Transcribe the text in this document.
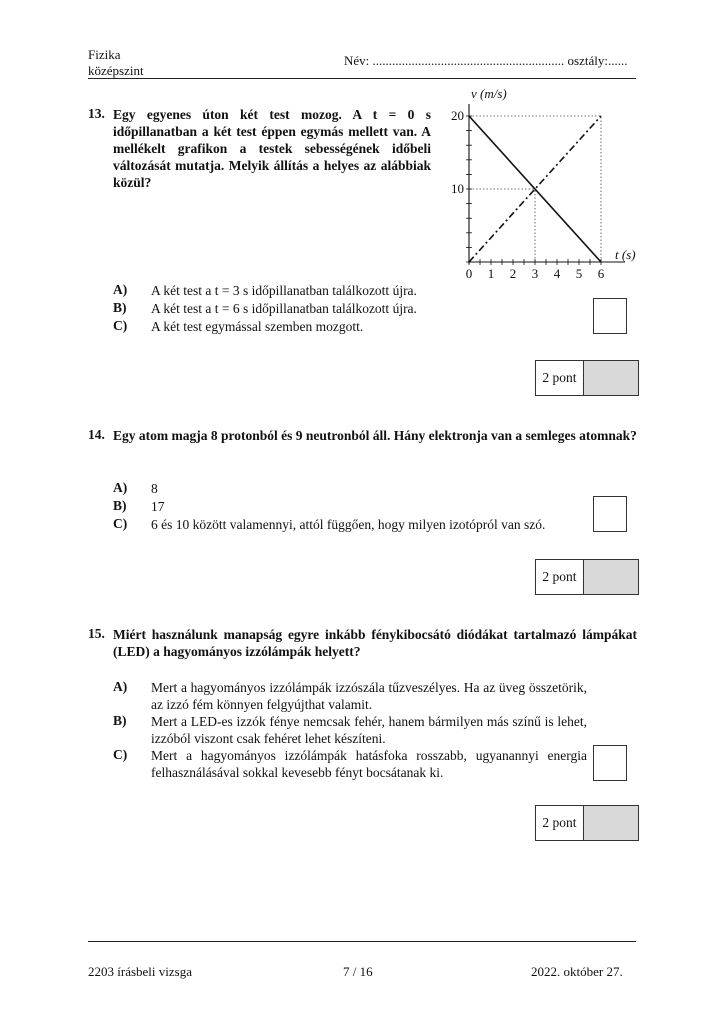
Fizika
középszint
Név: ........................................................... osztály:......
13. Egy egyenes úton két test mozog. A t = 0 s időpillanatban a két test éppen egymás mellett van. A mellékelt grafikon a testek sebességének időbeli változását mutatja. Melyik állítás a helyes az alábbiak közül?
0 1 2 3 4 5 6
10
20
v (m/s)
t (s)
A) A két test a t = 3 s időpillanatban találkozott újra.
B) A két test a t = 6 s időpillanatban találkozott újra.
C) A két test egymással szemben mozgott.
2 pont
14. Egy atom magja 8 protonból és 9 neutronból áll. Hány elektronja van a semleges atomnak?
A) 8
B) 17
C) 6 és 10 között valamennyi, attól függően, hogy milyen izotópról van szó.
2 pont
15. Miért használunk manapság egyre inkább fénykibocsátó diódákat tartalmazó lámpákat (LED) a hagyományos izzólámpák helyett?
A) Mert a hagyományos izzólámpák izzószála tűzveszélyes. Ha az üveg összetörik, az izzó fém könnyen felgyújthat valamit.
B) Mert a LED-es izzók fénye nemcsak fehér, hanem bármilyen más színű is lehet, izzóból viszont csak fehéret lehet készíteni.
C) Mert a hagyományos izzólámpák hatásfoka rosszabb, ugyanannyi energia felhasználásával sokkal kevesebb fényt bocsátanak ki.
2 pont
2203 írásbeli vizsga	7 / 16	2022. október 27.
